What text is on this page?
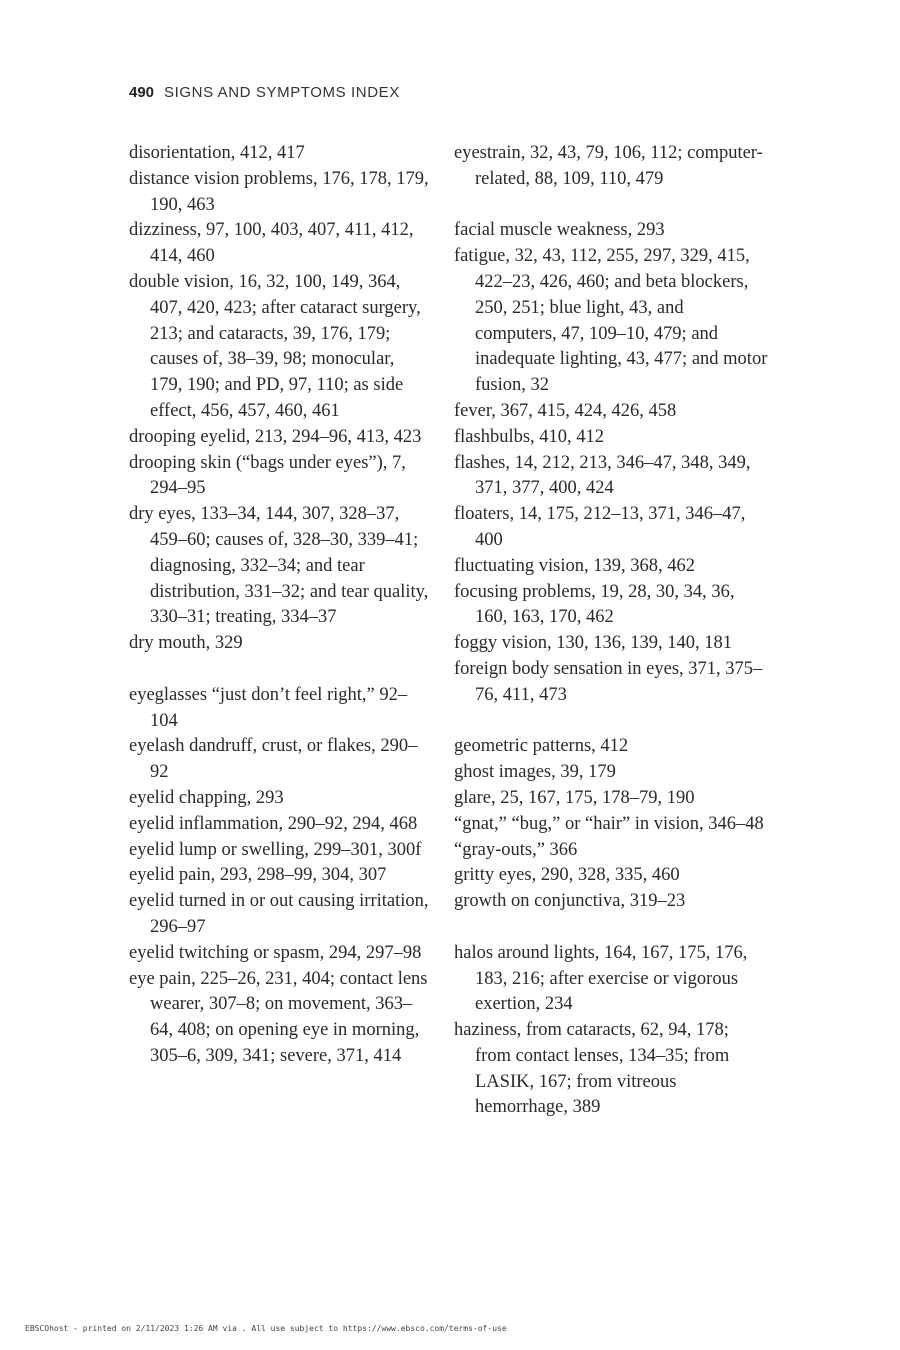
490 SIGNS AND SYMPTOMS INDEX
disorientation, 412, 417
distance vision problems, 176, 178, 179, 190, 463
dizziness, 97, 100, 403, 407, 411, 412, 414, 460
double vision, 16, 32, 100, 149, 364, 407, 420, 423; after cataract surgery, 213; and cataracts, 39, 176, 179; causes of, 38–39, 98; monocular, 179, 190; and PD, 97, 110; as side effect, 456, 457, 460, 461
drooping eyelid, 213, 294–96, 413, 423
drooping skin (“bags under eyes”), 7, 294–95
dry eyes, 133–34, 144, 307, 328–37, 459–60; causes of, 328–30, 339–41; diagnosing, 332–34; and tear distribution, 331–32; and tear quality, 330–31; treating, 334–37
dry mouth, 329
eyeglasses “just don’t feel right,” 92–104
eyelash dandruff, crust, or flakes, 290–92
eyelid chapping, 293
eyelid inflammation, 290–92, 294, 468
eyelid lump or swelling, 299–301, 300f
eyelid pain, 293, 298–99, 304, 307
eyelid turned in or out causing irritation, 296–97
eyelid twitching or spasm, 294, 297–98
eye pain, 225–26, 231, 404; contact lens wearer, 307–8; on movement, 363–64, 408; on opening eye in morning, 305–6, 309, 341; severe, 371, 414
eyestrain, 32, 43, 79, 106, 112; computer-related, 88, 109, 110, 479
facial muscle weakness, 293
fatigue, 32, 43, 112, 255, 297, 329, 415, 422–23, 426, 460; and beta blockers, 250, 251; blue light, 43, and computers, 47, 109–10, 479; and inadequate lighting, 43, 477; and motor fusion, 32
fever, 367, 415, 424, 426, 458
flashbulbs, 410, 412
flashes, 14, 212, 213, 346–47, 348, 349, 371, 377, 400, 424
floaters, 14, 175, 212–13, 371, 346–47, 400
fluctuating vision, 139, 368, 462
focusing problems, 19, 28, 30, 34, 36, 160, 163, 170, 462
foggy vision, 130, 136, 139, 140, 181
foreign body sensation in eyes, 371, 375–76, 411, 473
geometric patterns, 412
ghost images, 39, 179
glare, 25, 167, 175, 178–79, 190
“gnat,” “bug,” or “hair” in vision, 346–48
“gray-outs,” 366
gritty eyes, 290, 328, 335, 460
growth on conjunctiva, 319–23
halos around lights, 164, 167, 175, 176, 183, 216; after exercise or vigorous exertion, 234
haziness, from cataracts, 62, 94, 178; from contact lenses, 134–35; from LASIK, 167; from vitreous hemorrhage, 389
EBSCOhost - printed on 2/11/2023 1:26 AM via . All use subject to https://www.ebsco.com/terms-of-use
